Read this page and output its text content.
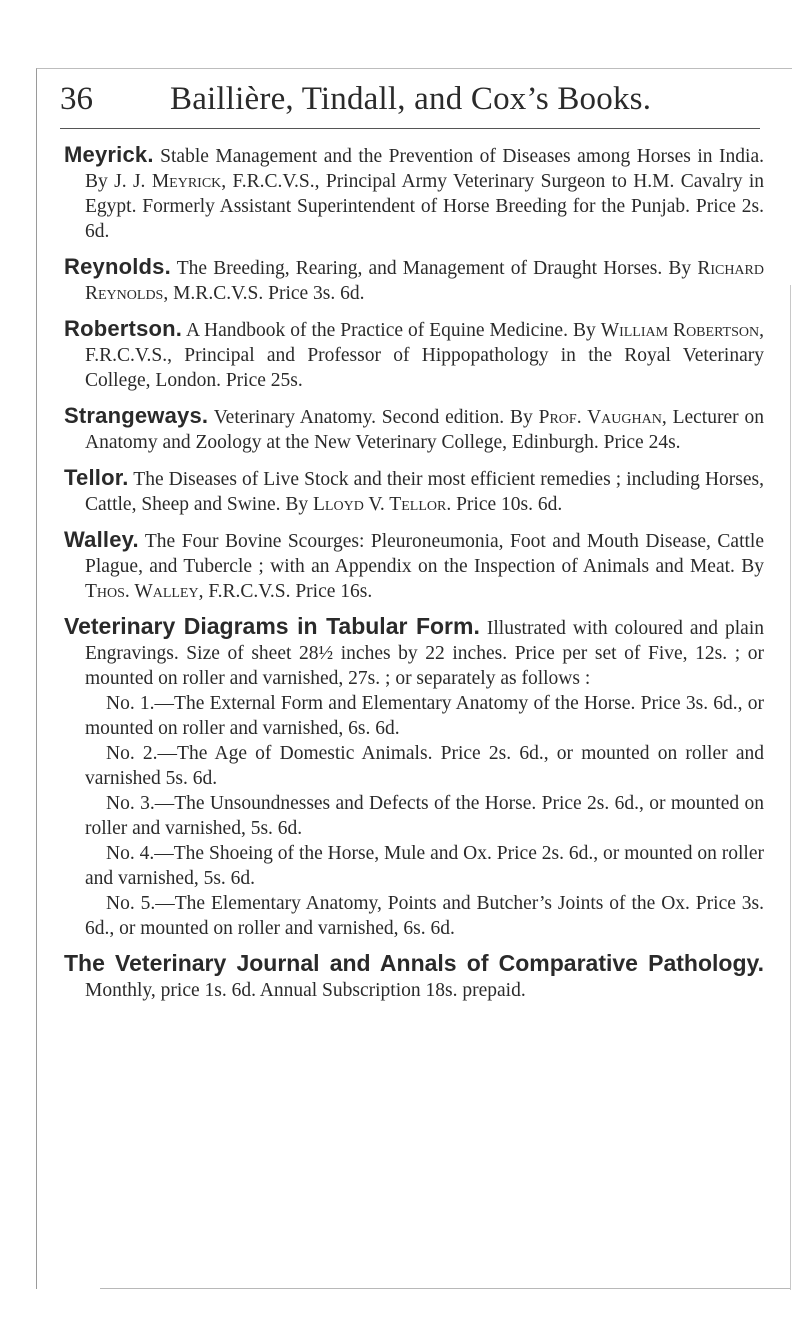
36 Baillière, Tindall, and Cox’s Books.

Meyrick. Stable Management and the Prevention of Diseases among Horses in India. By J. J. Meyrick, F.R.C.V.S., Principal Army Veterinary Surgeon to H.M. Cavalry in Egypt. Formerly Assistant Superintendent of Horse Breeding for the Punjab. Price 2s. 6d.

Reynolds. The Breeding, Rearing, and Management of Draught Horses. By Richard Reynolds, M.R.C.V.S. Price 3s. 6d.

Robertson. A Handbook of the Practice of Equine Medicine. By William Robertson, F.R.C.V.S., Principal and Professor of Hippopathology in the Royal Veterinary College, London. Price 25s.

Strangeways. Veterinary Anatomy. Second edition. By Prof. Vaughan, Lecturer on Anatomy and Zoology at the New Veterinary College, Edinburgh. Price 24s.

Tellor. The Diseases of Live Stock and their most efficient remedies ; including Horses, Cattle, Sheep and Swine. By Lloyd V. Tellor. Price 10s. 6d.

Walley. The Four Bovine Scourges: Pleuroneumonia, Foot and Mouth Disease, Cattle Plague, and Tubercle ; with an Appendix on the Inspection of Animals and Meat. By Thos. Walley, F.R.C.V.S. Price 16s.

Veterinary Diagrams in Tabular Form. Illustrated with coloured and plain Engravings. Size of sheet 28½ inches by 22 inches. Price per set of Five, 12s. ; or mounted on roller and varnished, 27s. ; or separately as follows :

No. 1.—The External Form and Elementary Anatomy of the Horse. Price 3s. 6d., or mounted on roller and varnished, 6s. 6d.

No. 2.—The Age of Domestic Animals. Price 2s. 6d., or mounted on roller and varnished 5s. 6d.

No. 3.—The Unsoundnesses and Defects of the Horse. Price 2s. 6d., or mounted on roller and varnished, 5s. 6d.

No. 4.—The Shoeing of the Horse, Mule and Ox. Price 2s. 6d., or mounted on roller and varnished, 5s. 6d.

No. 5.—The Elementary Anatomy, Points and Butcher’s Joints of the Ox. Price 3s. 6d., or mounted on roller and varnished, 6s. 6d.

The Veterinary Journal and Annals of Comparative Pathology. Monthly, price 1s. 6d. Annual Subscription 18s. prepaid.
